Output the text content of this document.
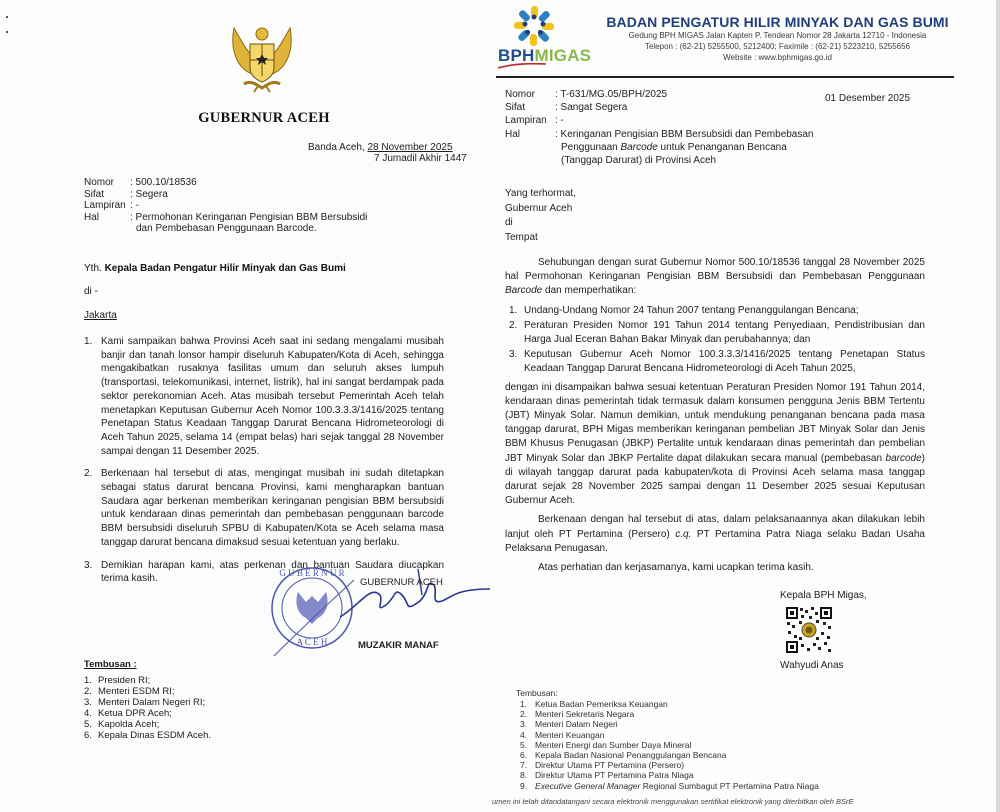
GUBERNUR ACEH
Banda Aceh, 28 November 2025
7 Jumadil Akhir 1447
Nomor	: 500.10/18536
Sifat	: Segera
Lampiran : -
Hal	: Permohonan Keringanan Pengisian BBM Bersubsidi
dan Pembebasan Penggunaan Barcode.
Yth. Kepala Badan Pengatur Hilir Minyak dan Gas Bumi
di -
Jakarta
1. Kami sampaikan bahwa Provinsi Aceh saat ini sedang mengalami musibah banjir dan tanah lonsor hampir diseluruh Kabupaten/Kota di Aceh, sehingga mengakibatkan rusaknya fasilitas umum dan seluruh akses lumpuh (transportasi, telekomunikasi, internet, listrik), hal ini sangat berdampak pada sektor perekonomian Aceh. Atas musibah tersebut Pemerintah Aceh telah menetapkan Keputusan Gubernur Aceh Nomor 100.3.3.3/1416/2025 tentang Penetapan Status Keadaan Tanggap Darurat Bencana Hidrometeorologi di Aceh Tahun 2025, selama 14 (empat belas) hari sejak tanggal 28 November sampai dengan 11 Desember 2025.
2. Berkenaan hal tersebut di atas, mengingat musibah ini sudah ditetapkan sebagai status darurat bencana Provinsi, kami mengharapkan bantuan Saudara agar berkenan memberikan keringanan pengisian BBM bersubsidi untuk kendaraan dinas pemerintah dan pembebasan penggunaan barcode BBM bersubsidi diseluruh SPBU di Kabupaten/Kota se Aceh selama masa tanggap darurat bencana dimaksud sesuai ketentuan yang berlaku.
3. Demikian harapan kami, atas perkenan dan bantuan Saudara diucapkan terima kasih.
G U B E R N U R
A C E H
GUBERNUR ACEH
MUZAKIR MANAF
Tembusan :
1. Presiden RI;
2. Menteri ESDM RI;
3. Menteri Dalam Negeri RI;
4. Ketua DPR Aceh;
5. Kapolda Aceh;
6. Kepala Dinas ESDM Aceh.
BPHMIGAS
BADAN PENGATUR HILIR MINYAK DAN GAS BUMI
Gedung BPH MIGAS Jalan Kapten P. Tendean Nomor 28 Jakarta 12710 - Indonesia
Telepon : (62-21) 5255500, 5212400; Faximile : (62-21) 5223210, 5255656
Website : www.bphmigas.go.id
Nomor	: T-631/MG.05/BPH/2025
Sifat	: Sangat Segera
Lampiran : -
Hal	: Keringanan Pengisian BBM Bersubsidi dan Pembebasan
Penggunaan Barcode untuk Penanganan Bencana
(Tanggap Darurat) di Provinsi Aceh
01 Desember 2025
Yang terhormat,
Gubernur Aceh
di
Tempat

Sehubungan dengan surat Gubernur Nomor 500.10/18536 tanggal 28 November 2025 hal Permohonan Keringanan Pengisian BBM Bersubsidi dan Pembebasan Penggunaan Barcode dan memperhatikan:

1. Undang-Undang Nomor 24 Tahun 2007 tentang Penanggulangan Bencana;
2. Peraturan Presiden Nomor 191 Tahun 2014 tentang Penyediaan, Pendistribusian dan Harga Jual Eceran Bahan Bakar Minyak dan perubahannya; dan
3. Keputusan Gubernur Aceh Nomor 100.3.3.3/1416/2025 tentang Penetapan Status Keadaan Tanggap Darurat Bencana Hidrometeorologi di Aceh Tahun 2025,

dengan ini disampaikan bahwa sesuai ketentuan Peraturan Presiden Nomor 191 Tahun 2014, kendaraan dinas pemerintah tidak termasuk dalam konsumen pengguna Jenis BBM Tertentu (JBT) Minyak Solar. Namun demikian, untuk mendukung penanganan bencana pada masa tanggap darurat, BPH Migas memberikan keringanan pembelian JBT Minyak Solar dan Jenis BBM Khusus Penugasan (JBKP) Pertalite untuk kendaraan dinas pemerintah dan pembelian JBT Minyak Solar dan JBKP Pertalite dapat dilakukan secara manual (pembebasan barcode) di wilayah tanggap darurat pada kabupaten/kota di Provinsi Aceh selama masa tanggap darurat sejak 28 November 2025 sampai dengan 11 Desember 2025 sesuai Keputusan Gubernur Aceh.

Berkenaan dengan hal tersebut di atas, dalam pelaksanaannya akan dilakukan lebih lanjut oleh PT Pertamina (Persero) c.q. PT Pertamina Patra Niaga selaku Badan Usaha Pelaksana Penugasan.

Atas perhatian dan kerjasamanya, kami ucapkan terima kasih.

Kepala BPH Migas,
Wahyudi Anas
Tembusan:
1. Ketua Badan Pemeriksa Keuangan
2. Menteri Sekretaris Negara
3. Menteri Dalam Negeri
4. Menteri Keuangan
5. Menteri Energi dan Sumber Daya Mineral
6. Kepala Badan Nasional Penanggulangan Bencana
7. Direktur Utama PT Pertamina (Persero)
8. Direktur Utama PT Pertamina Patra Niaga
9. Executive General Manager Regional Sumbagut PT Pertamina Patra Niaga
umen ini telah ditandatangani secara elektronik menggunakan sertifikat elektronik yang diterbitkan oleh BSrE
